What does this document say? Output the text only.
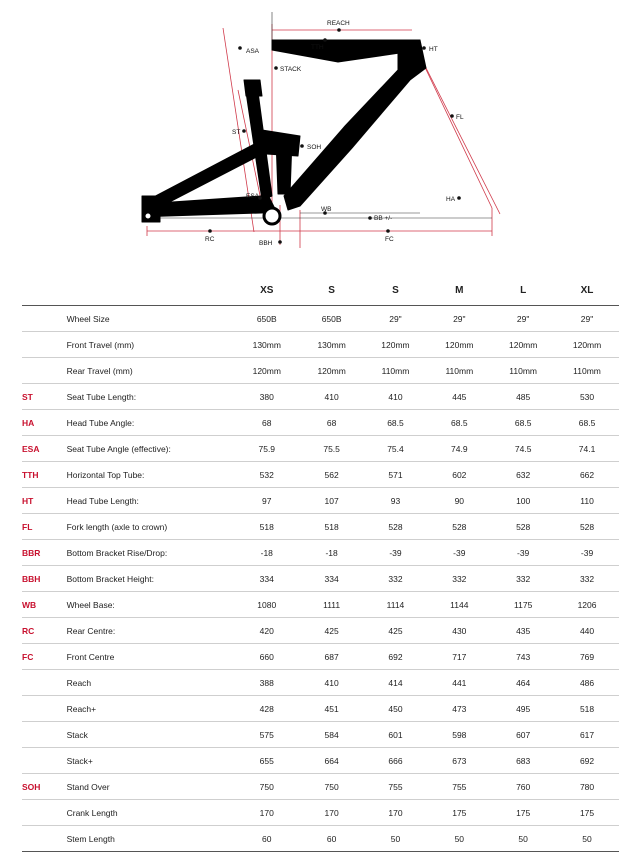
REACH
ASA
TTH	HT
STACK
FL
ST
SOH
HA
ESA
WB
BB +/-
RC
BBH
FC
		XS	S	S	M	L	XL
	Wheel Size	650B	650B	29"	29"	29"	29"
	Front Travel (mm)	130mm	130mm	120mm	120mm	120mm	120mm
	Rear Travel (mm)	120mm	120mm	110mm	110mm	110mm	110mm
ST	Seat Tube Length:	380	410	410	445	485	530
HA	Head Tube Angle:	68	68	68.5	68.5	68.5	68.5
ESA	Seat Tube Angle (effective):	75.9	75.5	75.4	74.9	74.5	74.1
TTH	Horizontal Top Tube:	532	562	571	602	632	662
HT	Head Tube Length:	97	107	93	90	100	110
FL	Fork length (axle to crown)	518	518	528	528	528	528
BBR	Bottom Bracket Rise/Drop:	-18	-18	-39	-39	-39	-39
BBH	Bottom Bracket Height:	334	334	332	332	332	332
WB	Wheel Base:	1080	1111	1114	1144	1175	1206
RC	Rear Centre:	420	425	425	430	435	440
FC	Front Centre	660	687	692	717	743	769
	Reach	388	410	414	441	464	486
	Reach+	428	451	450	473	495	518
	Stack	575	584	601	598	607	617
	Stack+	655	664	666	673	683	692
SOH	Stand Over	750	750	755	755	760	780
	Crank Length	170	170	170	175	175	175
	Stem Length	60	60	50	50	50	50
